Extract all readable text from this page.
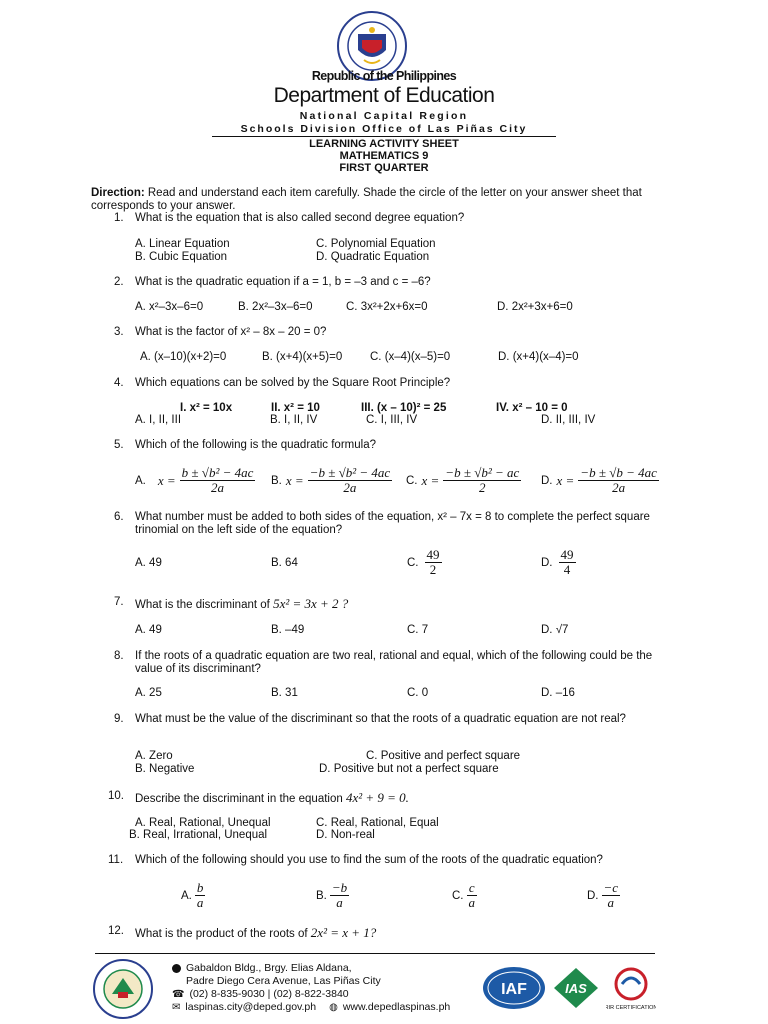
Republic of the Philippines
Department of Education
National Capital Region
Schools Division Office of Las Piñas City
LEARNING ACTIVITY SHEET
MATHEMATICS 9
FIRST QUARTER
Direction: Read and understand each item carefully. Shade the circle of the letter on your answer sheet that corresponds to your answer.
1. What is the equation that is also called second degree equation?
A. Linear Equation
B. Cubic Equation
C. Polynomial Equation
D. Quadratic Equation
2. What is the quadratic equation if a = 1, b = –3 and c = –6?
A. x²–3x–6=0	B. 2x²–3x–6=0	C. 3x²+2x+6x=0	D. 2x²+3x+6=0
3. What is the factor of x² – 8x – 20 = 0?
A. (x–10)(x+2)=0	B. (x+4)(x+5)=0 C. (x–4)(x–5)=0	D. (x+4)(x–4)=0
4. Which equations can be solved by the Square Root Principle?
I. x² = 10x	II. x² = 10	III. (x – 10)² = 25	IV. x² – 10 = 0
A. I, II, III	B. I, II, IV	C. I, III, IV	D. II, III, IV
5. Which of the following is the quadratic formula?
A. $x = \frac{\text{b ± √b² − 4ac}}{2a} B$. $x = \frac{\text{−b ± √b² − 4ac}}{2a} C$. $x = \frac{\text{−b ± √b² − ac}}{2} D$. $x = \frac{-b \pm √b - 4ac}{2a}$
6. What number must be added to both sides of the equation, x² – 7x = 8 to complete the perfect square trinomial on the left side of the equation?
A. 49	B. 64	C. $\frac{49}{2}$	D. $\frac{49}{4}$
7. What is the discriminant of 5x² = 3x + 2 ?
A. 49	B. –49	C. 7	D. √7
8. If the roots of a quadratic equation are two real, rational and equal, which of the following could be the value of its discriminant?
A. 25	B. 31	C. 0	D. –16
9. What must be the value of the discriminant so that the roots of a quadratic equation are not real?
A. Zero
B. Negative
C. Positive and perfect square
D. Positive but not a perfect square
10. Describe the discriminant in the equation 4x² + 9 = 0.
A. Real, Rational, Unequal
B. Real, Irrational, Unequal
C. Real, Rational, Equal
D. Non-real
11. Which of the following should you use to find the sum of the roots of the quadratic equation?
A. $\frac{b}{a}$	B. $\frac{-b}{a}$	C. $\frac{c}{a}$	D. $\frac{-c}{a}$
12. What is the product of the roots of 2x² = x + 1?
Gabaldon Bldg., Brgy. Elias Aldana,
Padre Diego Cera Avenue, Las Piñas City
☎ (02) 8-835-9030 | (02) 8-822-3840
✉ laspinas.city@deped.gov.ph ◍ www.depedlaspinas.ph
IAF	IAS
RIR CERTIFICATION
